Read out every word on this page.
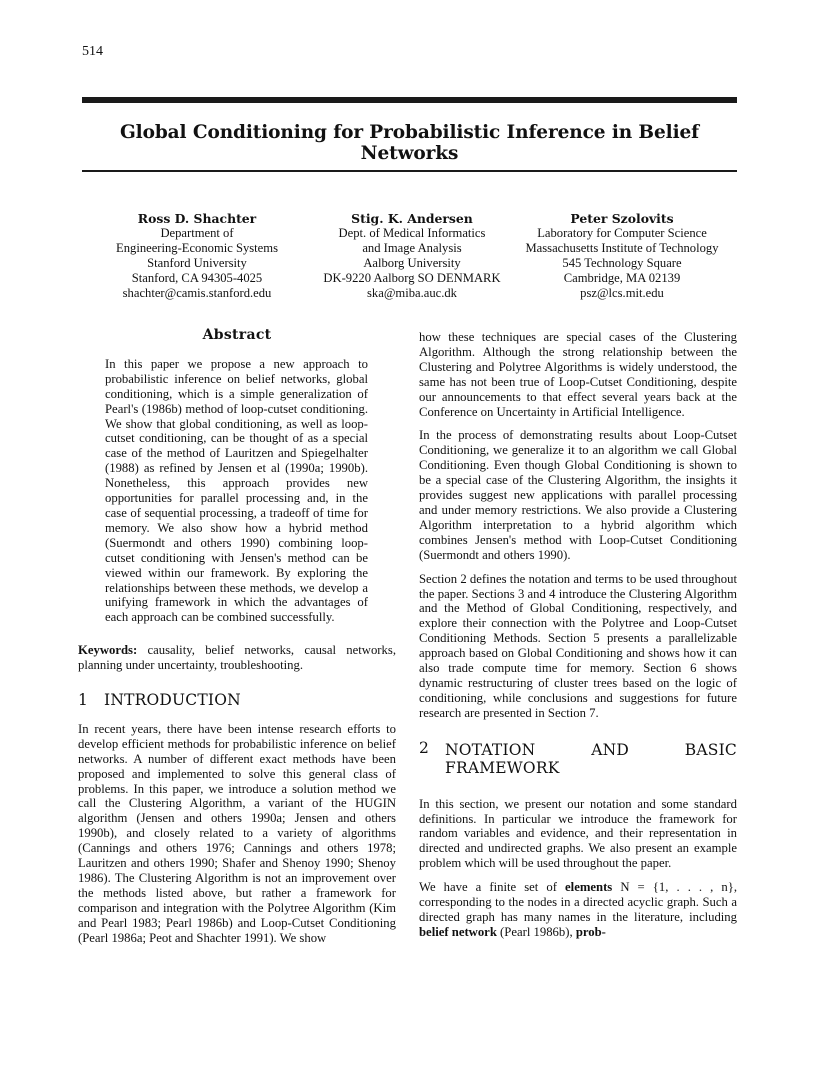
514
Global Conditioning for Probabilistic Inference in Belief Networks
Ross D. Shachter
Department of
Engineering-Economic Systems
Stanford University
Stanford, CA 94305-4025
shachter@camis.stanford.edu
Stig. K. Andersen
Dept. of Medical Informatics
and Image Analysis
Aalborg University
DK-9220 Aalborg SO DENMARK
ska@miba.auc.dk
Peter Szolovits
Laboratory for Computer Science
Massachusetts Institute of Technology
545 Technology Square
Cambridge, MA 02139
psz@lcs.mit.edu
Abstract

In this paper we propose a new approach to probabilistic inference on belief networks, global conditioning, which is a simple generalization of Pearl's (1986b) method of loop-cutset conditioning. We show that global conditioning, as well as loop-cutset conditioning, can be thought of as a special case of the method of Lauritzen and Spiegelhalter (1988) as refined by Jensen et al (1990a; 1990b). Nonetheless, this approach provides new opportunities for parallel processing and, in the case of sequential processing, a tradeoff of time for memory. We also show how a hybrid method (Suermondt and others 1990) combining loop-cutset conditioning with Jensen's method can be viewed within our framework. By exploring the relationships between these methods, we develop a unifying framework in which the advantages of each approach can be combined successfully.

Keywords: causality, belief networks, causal networks, planning under uncertainty, troubleshooting.

1	INTRODUCTION

In recent years, there have been intense research efforts to develop efficient methods for probabilistic inference on belief networks. A number of different exact methods have been proposed and implemented to solve this general class of problems. In this paper, we introduce a solution method we call the Clustering Algorithm, a variant of the HUGIN algorithm (Jensen and others 1990a; Jensen and others 1990b), and closely related to a variety of algorithms (Cannings and others 1976; Cannings and others 1978; Lauritzen and others 1990; Shafer and Shenoy 1990; Shenoy 1986). The Clustering Algorithm is not an improvement over the methods listed above, but rather a framework for comparison and integration with the Polytree Algorithm (Kim and Pearl 1983; Pearl 1986b) and Loop-Cutset Conditioning (Pearl 1986a; Peot and Shachter 1991). We show

how these techniques are special cases of the Clustering Algorithm. Although the strong relationship between the Clustering and Polytree Algorithms is widely understood, the same has not been true of Loop-Cutset Conditioning, despite our announcements to that effect several years back at the Conference on Uncertainty in Artificial Intelligence.

In the process of demonstrating results about Loop-Cutset Conditioning, we generalize it to an algorithm we call Global Conditioning. Even though Global Conditioning is shown to be a special case of the Clustering Algorithm, the insights it provides suggest new applications with parallel processing and under memory restrictions. We also provide a Clustering Algorithm interpretation to a hybrid algorithm which combines Jensen's method with Loop-Cutset Conditioning (Suermondt and others 1990).

Section 2 defines the notation and terms to be used throughout the paper. Sections 3 and 4 introduce the Clustering Algorithm and the Method of Global Conditioning, respectively, and explore their connection with the Polytree and Loop-Cutset Conditioning Methods. Section 5 presents a parallelizable approach based on Global Conditioning and shows how it can also trade compute time for memory. Section 6 shows dynamic restructuring of cluster trees based on the logic of conditioning, while conclusions and suggestions for future research are presented in Section 7.

2	NOTATION AND BASIC FRAMEWORK

In this section, we present our notation and some standard definitions. In particular we introduce the framework for random variables and evidence, and their representation in directed and undirected graphs. We also present an example problem which will be used throughout the paper.

We have a finite set of elements N = {1, . . . , n}, corresponding to the nodes in a directed acyclic graph. Such a directed graph has many names in the literature, including belief network (Pearl 1986b), prob-
